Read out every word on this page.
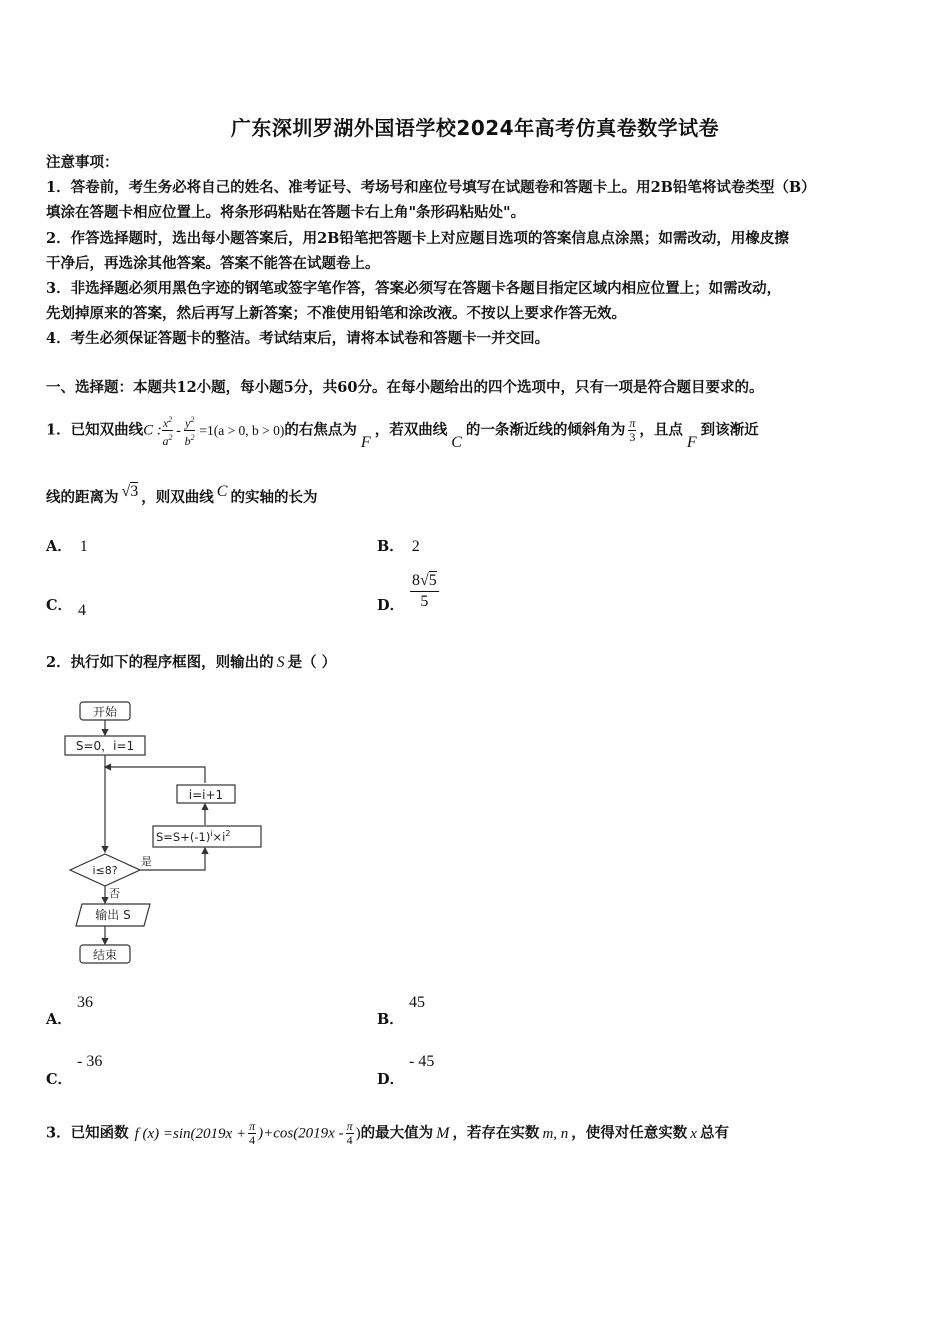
广东深圳罗湖外国语学校2024年高考仿真卷数学试卷
注意事项：
1．答卷前，考生务必将自己的姓名、准考证号、考场号和座位号填写在试题卷和答题卡上。用2B铅笔将试卷类型（B）
填涂在答题卡相应位置上。将条形码粘贴在答题卡右上角"条形码粘贴处"。
2．作答选择题时，选出每小题答案后，用2B铅笔把答题卡上对应题目选项的答案信息点涂黑；如需改动，用橡皮擦
干净后，再选涂其他答案。答案不能答在试题卷上。
3．非选择题必须用黑色字迹的钢笔或签字笔作答，答案必须写在答题卡各题目指定区域内相应位置上；如需改动，
先划掉原来的答案，然后再写上新答案；不准使用铅笔和涂改液。不按以上要求作答无效。
4．考生必须保证答题卡的整洁。考试结束后，请将本试卷和答题卡一并交回。
一、选择题：本题共12小题，每小题5分，共60分。在每小题给出的四个选项中，只有一项是符合题目要求的。
1．已知双曲线C : $\frac{x^2}{a^2} - \frac{y^2}{b^2} =1(a > 0$, b > 0)的右焦点为F，若双曲线C的一条渐近线的倾斜角为 $\frac{\pi}{3}$ ，且点F到该渐近
线的距离为 √3 ，则双曲线 C 的实轴的长为
A． 1	B． 2
C． 4	D．
8√5
5
2．执行如下的程序框图，则输出的 S 是（ ）
开始
S=0，i=1
i=i+1
$S=S+(-1)^i\times i^2$
i≤8?
是
否
输出 S
结束
A．
36
B．
45
C．
- 36
D．
- 45
3．已知函数 f $(x) =\sin(2019x + \frac{\pi}{4} )+\cos(2019x - \frac{\pi}{4}$ )的最大值为 M ，若存在实数 m, n ，使得对任意实数 x 总有
